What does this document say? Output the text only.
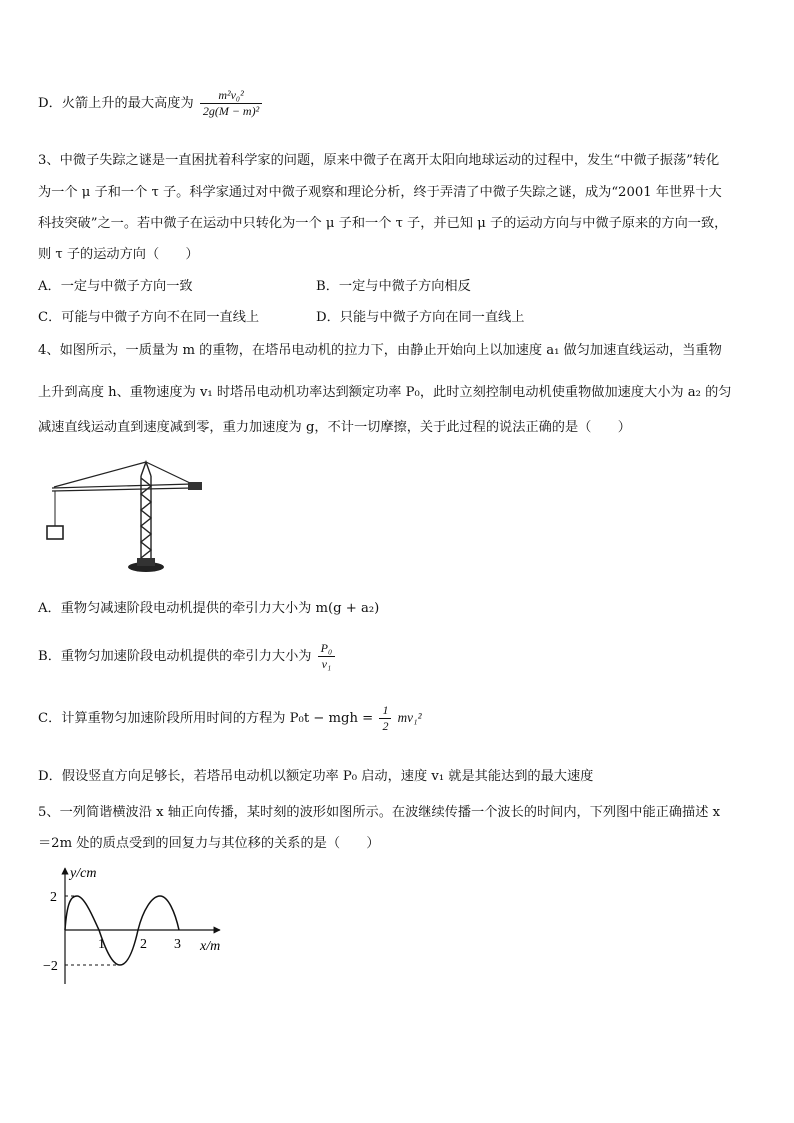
D．火箭上升的最大高度为 $\frac{\text{m²v₀²}}{\text{2g(M − m)²}}$
3、中微子失踪之谜是一直困扰着科学家的问题，原来中微子在离开太阳向地球运动的过程中，发生“中微子振荡”转化
为一个 μ 子和一个 τ 子。科学家通过对中微子观察和理论分析，终于弄清了中微子失踪之谜，成为“2001 年世界十大
科技突破”之一。若中微子在运动中只转化为一个 μ 子和一个 τ 子，并已知 μ 子的运动方向与中微子原来的方向一致，
则 τ 子的运动方向（　　）
A．一定与中微子方向一致	B．一定与中微子方向相反
C．可能与中微子方向不在同一直线上	D．只能与中微子方向在同一直线上
4、如图所示，一质量为 m 的重物，在塔吊电动机的拉力下，由静止开始向上以加速度 a₁ 做匀加速直线运动，当重物
上升到高度 h、重物速度为 v₁ 时塔吊电动机功率达到额定功率 P₀，此时立刻控制电动机使重物做加速度大小为 a₂ 的匀
减速直线运动直到速度减到零，重力加速度为 g，不计一切摩擦，关于此过程的说法正确的是（　　）
A．重物匀减速阶段电动机提供的牵引力大小为 m(g + a₂)
B．重物匀加速阶段电动机提供的牵引力大小为 $\frac{\text{P₀}}{\text{v₁}}$
C．计算重物匀加速阶段所用时间的方程为 P₀t − mgh = $\frac{1}{2} mv_1^2$
D．假设竖直方向足够长，若塔吊电动机以额定功率 P₀ 启动，速度 v₁ 就是其能达到的最大速度
5、一列简谐横波沿 x 轴正向传播，某时刻的波形如图所示。在波继续传播一个波长的时间内，下列图中能正确描述 x
＝2m 处的质点受到的回复力与其位移的关系的是（　　）
y/cm
x/m
2
−2
1	2 3
